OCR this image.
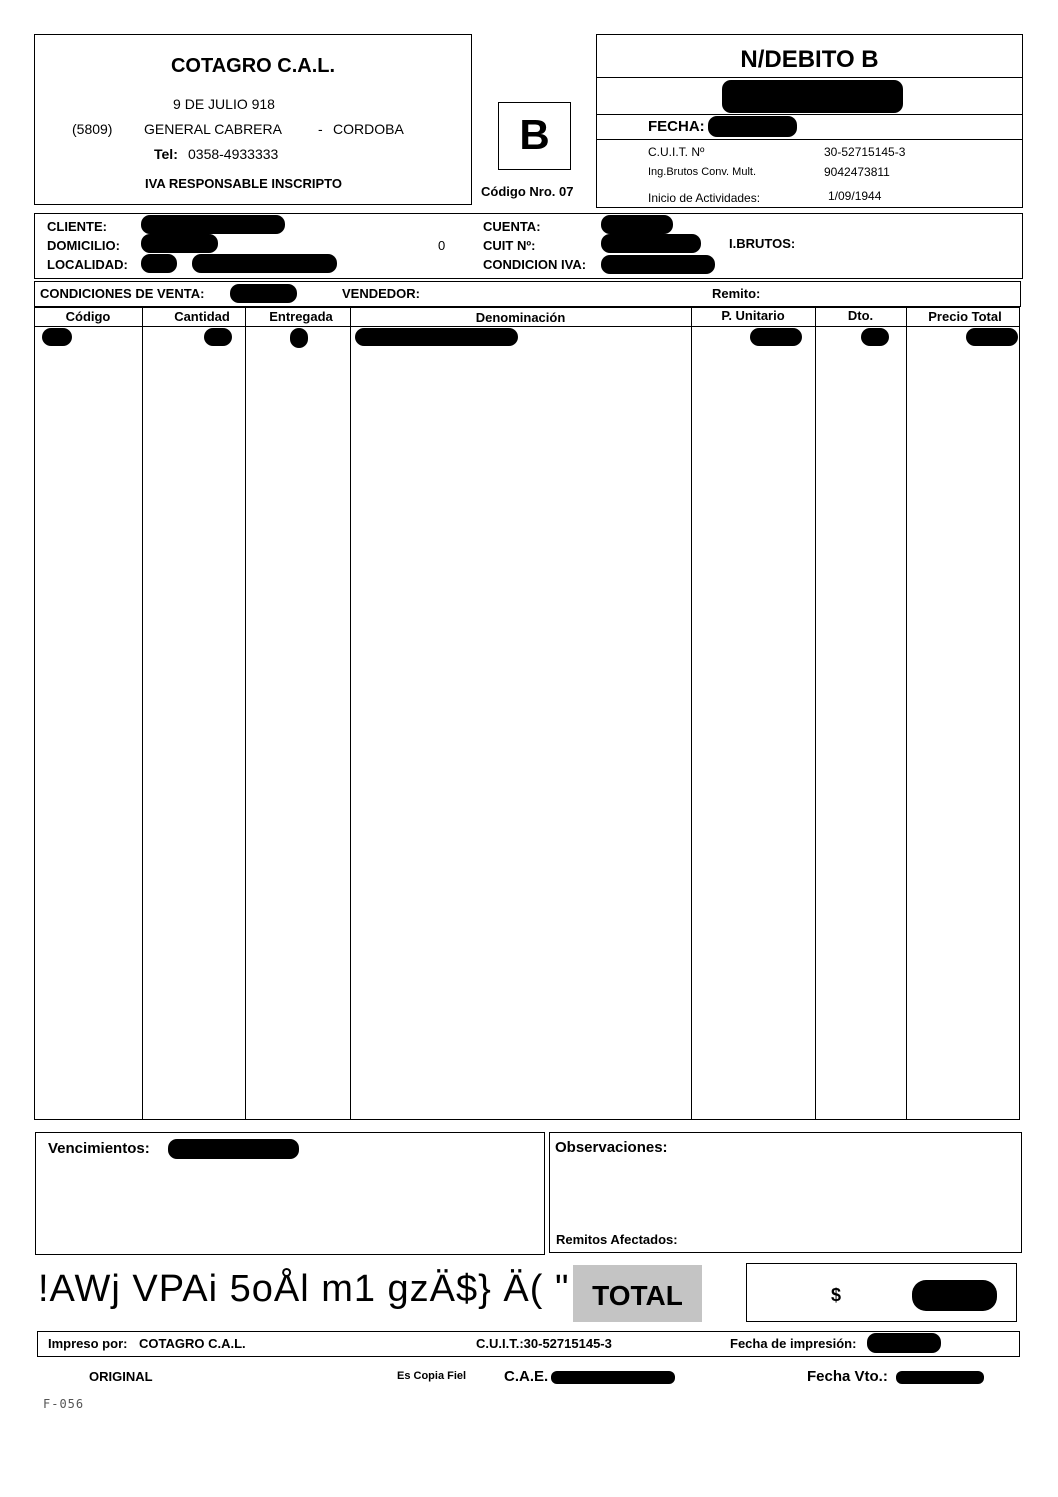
COTAGRO C.A.L.
9 DE JULIO 918
(5809) GENERAL CABRERA	- CORDOBA
Tel: 0358-4933333
IVA RESPONSABLE INSCRIPTO
B
Código Nro. 07
N/DEBITO B
FECHA:
C.U.I.T. Nº	30-52715145-3
Ing.Brutos Conv. Mult.	9042473811
Inicio de Actividades:	1/09/1944
CLIENTE:
DOMICILIO:
LOCALIDAD:
0
CUENTA:
CUIT Nº:
CONDICION IVA:
I.BRUTOS:
CONDICIONES DE VENTA:	VENDEDOR:	Remito:
Código	Cantidad	Entregada	Denominación	P. Unitario	Dto.	Precio Total
Vencimientos:	Observaciones:
Remitos Afectados:
!AWj VPAi 5oÅl m1 gzÄ$} Ä( " TOTAL	$
Impreso por: COTAGRO C.A.L.	C.U.I.T.:30-52715145-3	Fecha de impresión:
ORIGINAL	Es Copia Fiel	C.A.E.	Fecha Vto.:
F-056
